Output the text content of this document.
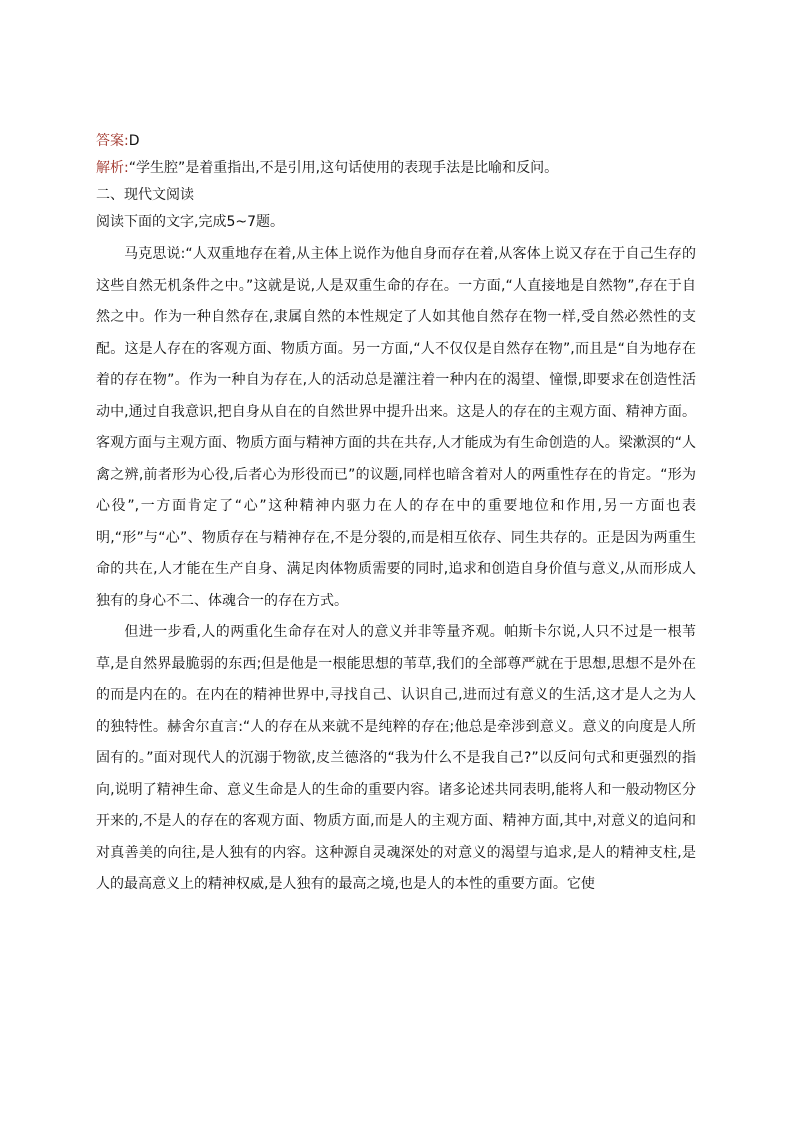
答案:D
解析:“学生腔”是着重指出,不是引用,这句话使用的表现手法是比喻和反问。
二、现代文阅读
阅读下面的文字,完成5~7题。

马克思说:“人双重地存在着,从主体上说作为他自身而存在着,从客体上说又存在于自己生存的这些自然无机条件之中。”这就是说,人是双重生命的存在。一方面,“人直接地是自然物”,存在于自然之中。作为一种自然存在,隶属自然的本性规定了人如其他自然存在物一样,受自然必然性的支配。这是人存在的客观方面、物质方面。另一方面,“人不仅仅是自然存在物”,而且是“自为地存在着的存在物”。作为一种自为存在,人的活动总是灌注着一种内在的渴望、憧憬,即要求在创造性活动中,通过自我意识,把自身从自在的自然世界中提升出来。这是人的存在的主观方面、精神方面。客观方面与主观方面、物质方面与精神方面的共在共存,人才能成为有生命创造的人。梁漱溟的“人禽之辨,前者形为心役,后者心为形役而已”的议题,同样也暗含着对人的两重性存在的肯定。“形为心役”,一方面肯定了“心”这种精神内驱力在人的存在中的重要地位和作用,另一方面也表明,“形”与“心”、物质存在与精神存在,不是分裂的,而是相互依存、同生共存的。正是因为两重生命的共在,人才能在生产自身、满足肉体物质需要的同时,追求和创造自身价值与意义,从而形成人独有的身心不二、体魂合一的存在方式。

但进一步看,人的两重化生命存在对人的意义并非等量齐观。帕斯卡尔说,人只不过是一根苇草,是自然界最脆弱的东西;但是他是一根能思想的苇草,我们的全部尊严就在于思想,思想不是外在的而是内在的。在内在的精神世界中,寻找自己、认识自己,进而过有意义的生活,这才是人之为人的独特性。赫舍尔直言:“人的存在从来就不是纯粹的存在;他总是牵涉到意义。意义的向度是人所固有的。”面对现代人的沉溺于物欲,皮兰德洛的“我为什么不是我自己?”以反问句式和更强烈的指向,说明了精神生命、意义生命是人的生命的重要内容。诸多论述共同表明,能将人和一般动物区分开来的,不是人的存在的客观方面、物质方面,而是人的主观方面、精神方面,其中,对意义的追问和对真善美的向往,是人独有的内容。这种源自灵魂深处的对意义的渴望与追求,是人的精神支柱,是人的最高意义上的精神权威,是人独有的最高之境,也是人的本性的重要方面。它使
